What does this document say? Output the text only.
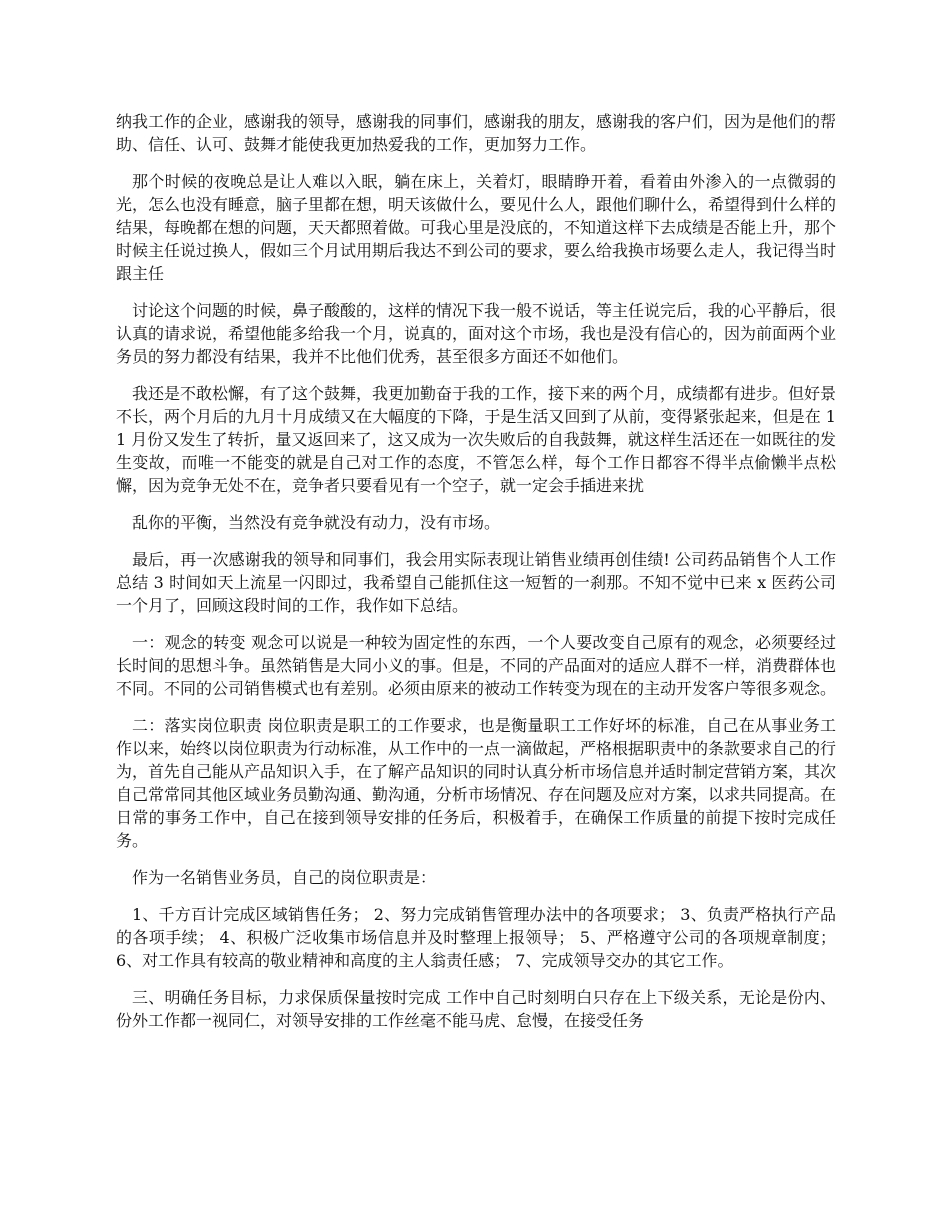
纳我工作的企业，感谢我的领导，感谢我的同事们，感谢我的朋友，感谢我的客户们，因为是他们的帮助、信任、认可、鼓舞才能使我更加热爱我的工作，更加努力工作。

那个时候的夜晚总是让人难以入眠，躺在床上，关着灯，眼睛睁开着，看着由外渗入的一点微弱的光，怎么也没有睡意，脑子里都在想，明天该做什么，要见什么人，跟他们聊什么，希望得到什么样的结果，每晚都在想的问题，天天都照着做。可我心里是没底的，不知道这样下去成绩是否能上升，那个时候主任说过换人，假如三个月试用期后我达不到公司的要求，要么给我换市场要么走人，我记得当时跟主任

讨论这个问题的时候，鼻子酸酸的，这样的情况下我一般不说话，等主任说完后，我的心平静后，很认真的请求说，希望他能多给我一个月，说真的，面对这个市场，我也是没有信心的，因为前面两个业务员的努力都没有结果，我并不比他们优秀，甚至很多方面还不如他们。

我还是不敢松懈，有了这个鼓舞，我更加勤奋于我的工作，接下来的两个月，成绩都有进步。但好景不长，两个月后的九月十月成绩又在大幅度的下降，于是生活又回到了从前，变得紧张起来，但是在 11 月份又发生了转折，量又返回来了，这又成为一次失败后的自我鼓舞，就这样生活还在一如既往的发生变故，而唯一不能变的就是自己对工作的态度，不管怎么样，每个工作日都容不得半点偷懒半点松懈，因为竞争无处不在，竞争者只要看见有一个空子，就一定会手插进来扰

乱你的平衡，当然没有竞争就没有动力，没有市场。

最后，再一次感谢我的领导和同事们，我会用实际表现让销售业绩再创佳绩! 公司药品销售个人工作总结 3 时间如天上流星一闪即过，我希望自己能抓住这一短暂的一刹那。不知不觉中已来 x 医药公司一个月了，回顾这段时间的工作，我作如下总结。

一：观念的转变 观念可以说是一种较为固定性的东西，一个人要改变自己原有的观念，必须要经过长时间的思想斗争。虽然销售是大同小义的事。但是，不同的产品面对的适应人群不一样，消费群体也不同。不同的公司销售模式也有差别。必须由原来的被动工作转变为现在的主动开发客户等很多观念。

二：落实岗位职责 岗位职责是职工的工作要求，也是衡量职工工作好坏的标准，自己在从事业务工作以来，始终以岗位职责为行动标准，从工作中的一点一滴做起，严格根据职责中的条款要求自己的行为，首先自己能从产品知识入手，在了解产品知识的同时认真分析市场信息并适时制定营销方案，其次自己常常同其他区域业务员勤沟通、勤沟通，分析市场情况、存在问题及应对方案，以求共同提高。在日常的事务工作中，自己在接到领导安排的任务后，积极着手，在确保工作质量的前提下按时完成任务。

作为一名销售业务员，自己的岗位职责是：

1、千方百计完成区域销售任务； 2、努力完成销售管理办法中的各项要求； 3、负责严格执行产品的各项手续； 4、积极广泛收集市场信息并及时整理上报领导； 5、严格遵守公司的各项规章制度； 6、对工作具有较高的敬业精神和高度的主人翁责任感； 7、完成领导交办的其它工作。

三、明确任务目标，力求保质保量按时完成 工作中自己时刻明白只存在上下级关系，无论是份内、份外工作都一视同仁，对领导安排的工作丝毫不能马虎、怠慢，在接受任务
